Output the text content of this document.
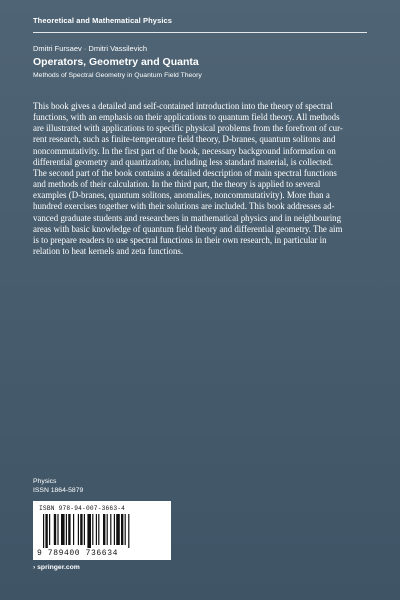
Theoretical and Mathematical Physics
Dmitri Fursaev · Dmitri Vassilevich
Operators, Geometry and Quanta
Methods of Spectral Geometry in Quantum Field Theory
This book gives a detailed and self-contained introduction into the theory of spectral
functions, with an emphasis on their applications to quantum field theory. All methods
are illustrated with applications to specific physical problems from the forefront of cur-
rent research, such as finite-temperature field theory, D-branes, quantum solitons and
noncommutativity. In the first part of the book, necessary background information on
differential geometry and quantization, including less standard material, is collected.
The second part of the book contains a detailed description of main spectral functions
and methods of their calculation. In the third part, the theory is applied to several
examples (D-branes, quantum solitons, anomalies, noncommutativity). More than a
hundred exercises together with their solutions are included. This book addresses ad-
vanced graduate students and researchers in mathematical physics and in neighbouring
areas with basic knowledge of quantum field theory and differential geometry. The aim
is to prepare readers to use spectral functions in their own research, in particular in
relation to heat kernels and zeta functions.
Physics
ISSN 1864-5879
ISBN 978-94-007-3663-4
9 789400 736634
› springer.com
